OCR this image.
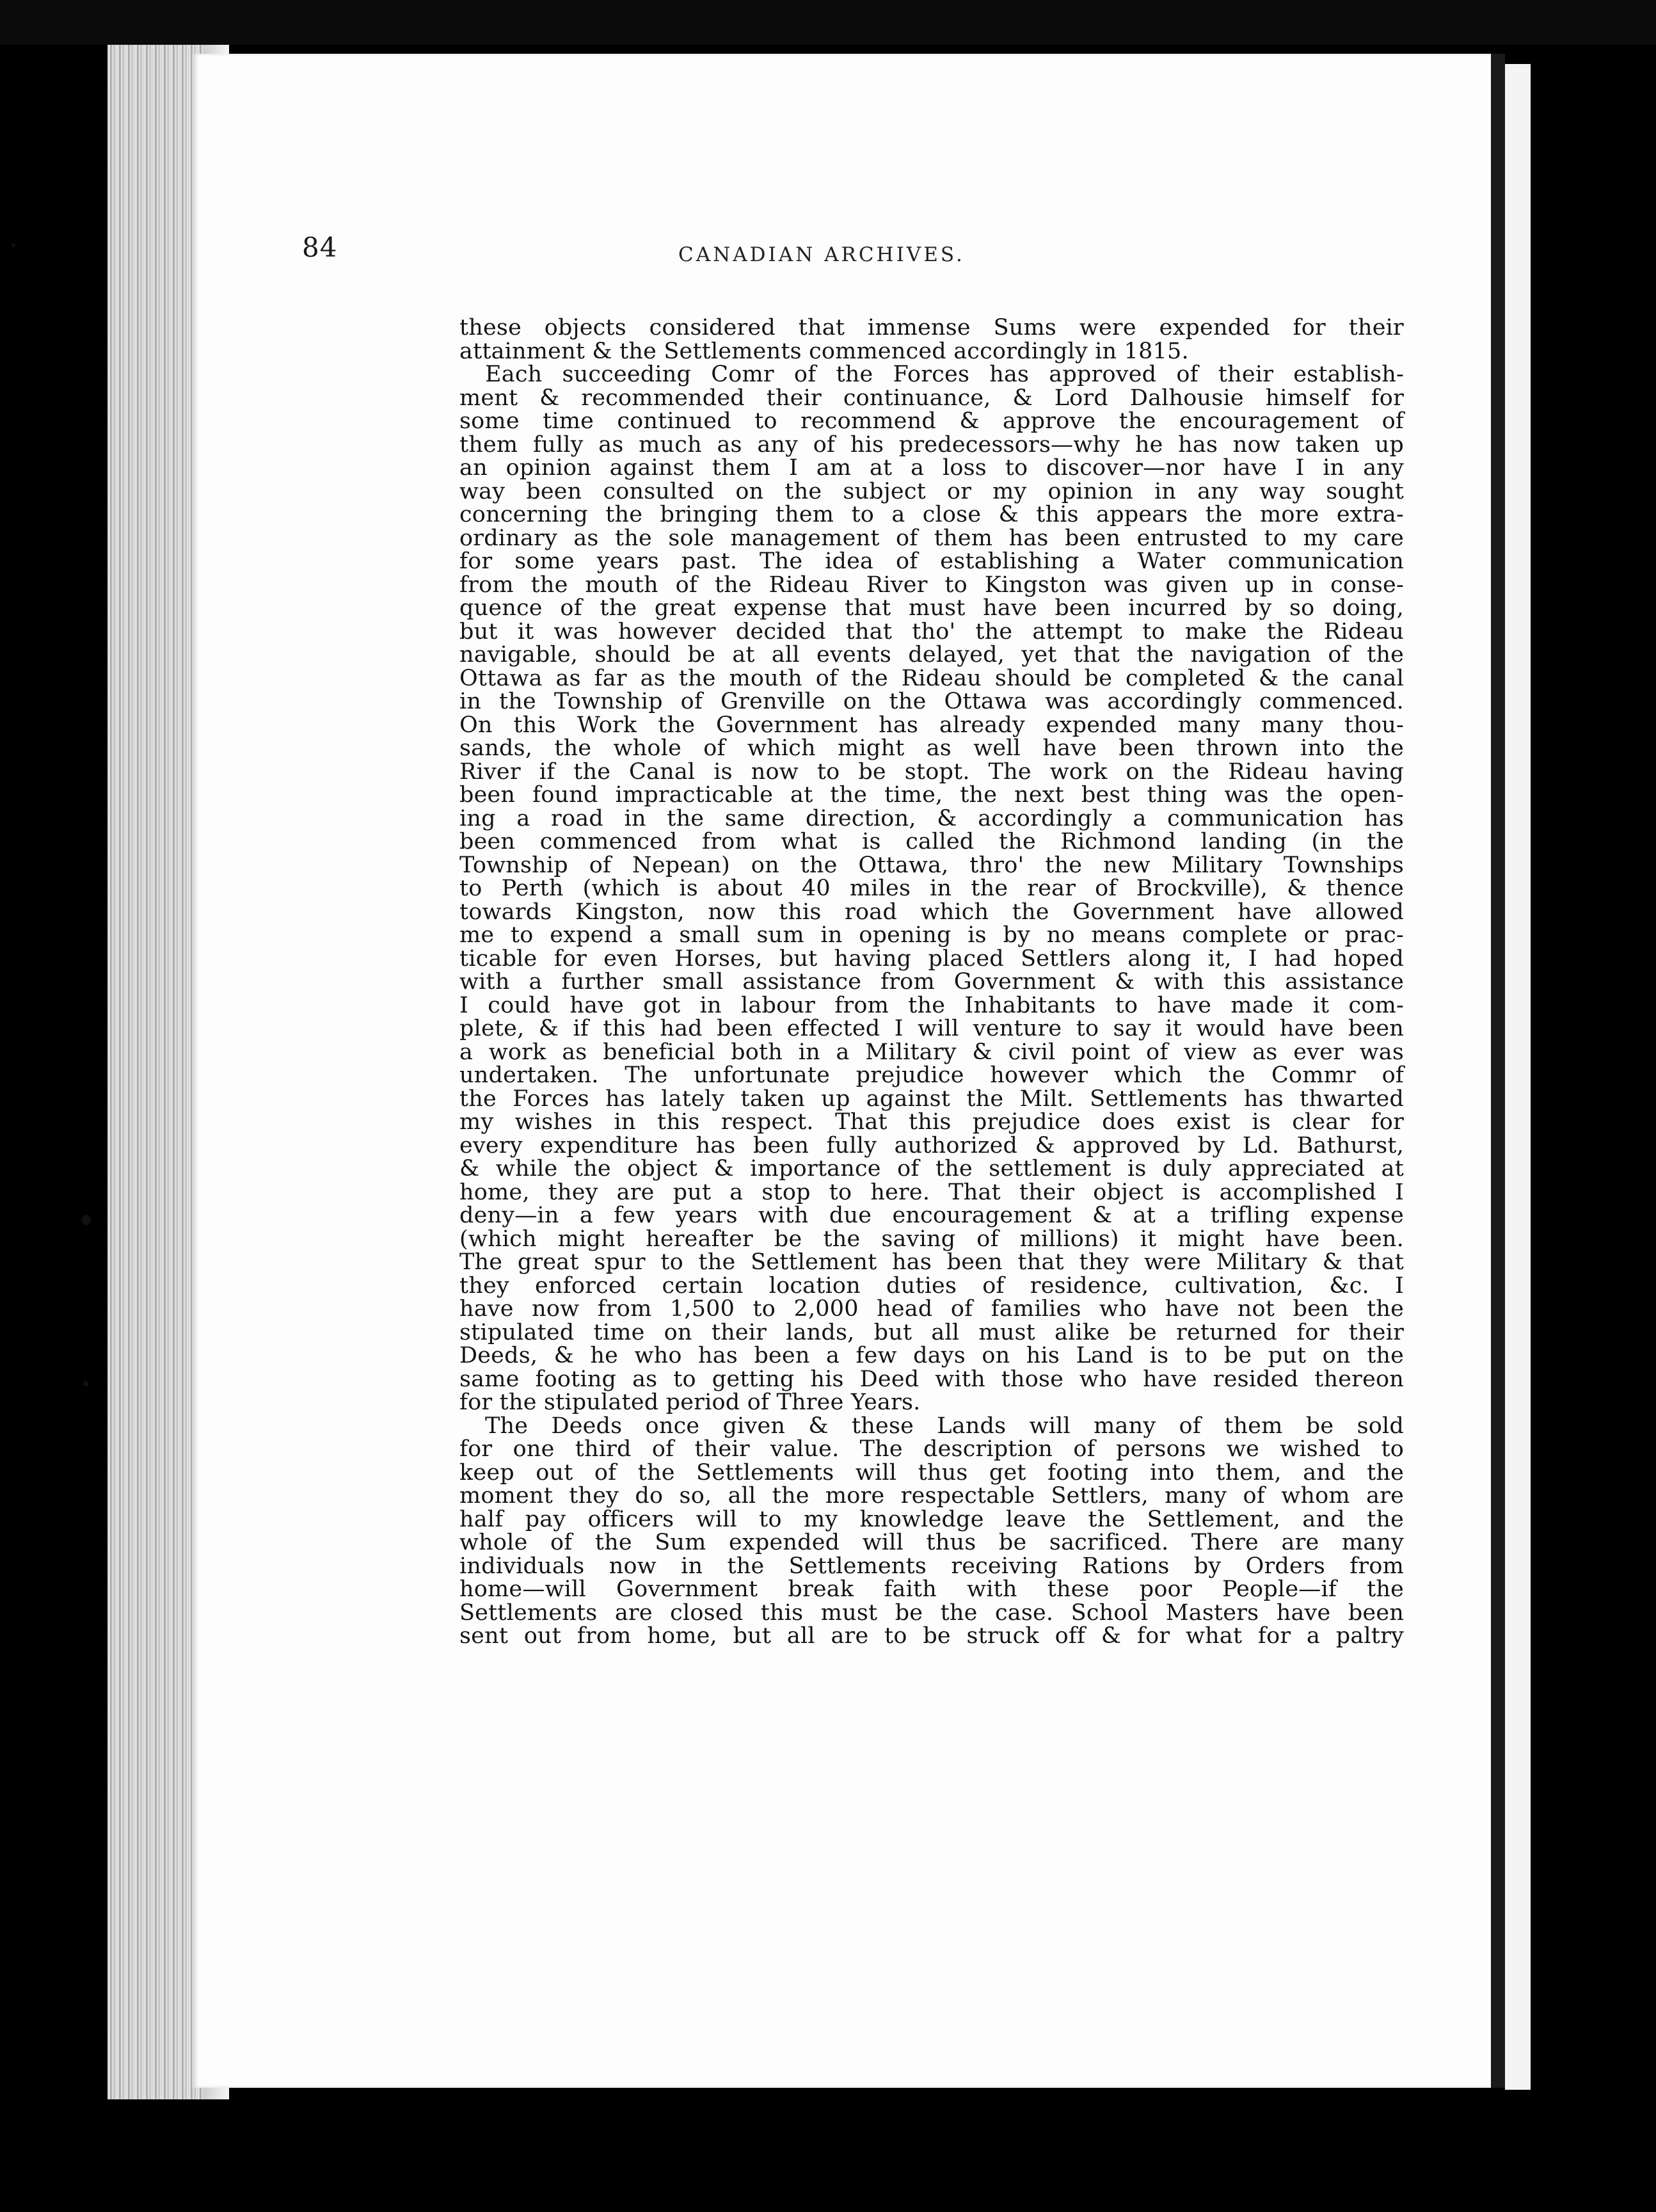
84	CANADIAN ARCHIVES.
these objects considered that immense Sums were expended for their
attainment & the Settlements commenced accordingly in 1815.
Each succeeding Comr of the Forces has approved of their establish-
ment & recommended their continuance, & Lord Dalhousie himself for
some time continued to recommend & approve the encouragement of
them fully as much as any of his predecessors—why he has now taken up
an opinion against them I am at a loss to discover—nor have I in any
way been consulted on the subject or my opinion in any way sought
concerning the bringing them to a close & this appears the more extra-
ordinary as the sole management of them has been entrusted to my care
for some years past. The idea of establishing a Water communication
from the mouth of the Rideau River to Kingston was given up in conse-
quence of the great expense that must have been incurred by so doing,
but it was however decided that tho' the attempt to make the Rideau
navigable, should be at all events delayed, yet that the navigation of the
Ottawa as far as the mouth of the Rideau should be completed & the canal
in the Township of Grenville on the Ottawa was accordingly commenced.
On this Work the Government has already expended many many thou-
sands, the whole of which might as well have been thrown into the
River if the Canal is now to be stopt. The work on the Rideau having
been found impracticable at the time, the next best thing was the open-
ing a road in the same direction, & accordingly a communication has
been commenced from what is called the Richmond landing (in the
Township of Nepean) on the Ottawa, thro' the new Military Townships
to Perth (which is about 40 miles in the rear of Brockville), & thence
towards Kingston, now this road which the Government have allowed
me to expend a small sum in opening is by no means complete or prac-
ticable for even Horses, but having placed Settlers along it, I had hoped
with a further small assistance from Government & with this assistance
I could have got in labour from the Inhabitants to have made it com-
plete, & if this had been effected I will venture to say it would have been
a work as beneficial both in a Military & civil point of view as ever was
undertaken. The unfortunate prejudice however which the Commr of
the Forces has lately taken up against the Milt. Settlements has thwarted
my wishes in this respect. That this prejudice does exist is clear for
every expenditure has been fully authorized & approved by Ld. Bathurst,
& while the object & importance of the settlement is duly appreciated at
home, they are put a stop to here. That their object is accomplished I
deny—in a few years with due encouragement & at a trifling expense
(which might hereafter be the saving of millions) it might have been.
The great spur to the Settlement has been that they were Military & that
they enforced certain location duties of residence, cultivation, &c. I
have now from 1,500 to 2,000 head of families who have not been the
stipulated time on their lands, but all must alike be returned for their
Deeds, & he who has been a few days on his Land is to be put on the
same footing as to getting his Deed with those who have resided thereon
for the stipulated period of Three Years.
The Deeds once given & these Lands will many of them be sold
for one third of their value. The description of persons we wished to
keep out of the Settlements will thus get footing into them, and the
moment they do so, all the more respectable Settlers, many of whom are
half pay officers will to my knowledge leave the Settlement, and the
whole of the Sum expended will thus be sacrificed. There are many
individuals now in the Settlements receiving Rations by Orders from
home—will Government break faith with these poor People—if the
Settlements are closed this must be the case. School Masters have been
sent out from home, but all are to be struck off & for what for a paltry
